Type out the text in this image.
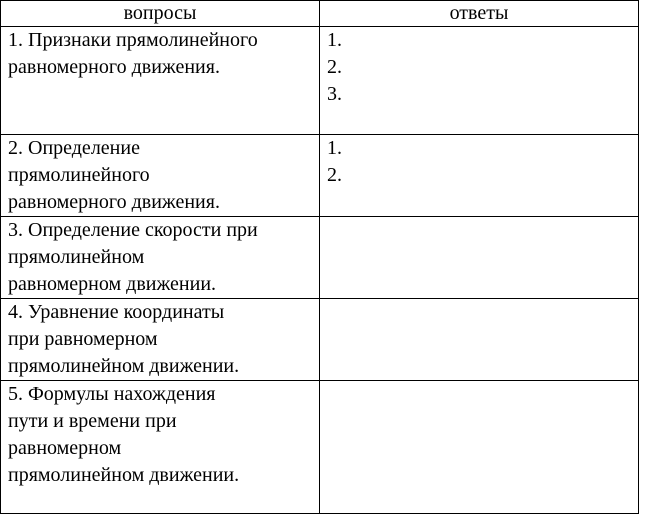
вопросы	ответы

1. Признаки прямолинейного
равномерного движения.	1.
2.
3.

2. Определение
прямолинейного
равномерного движения.	1.
2.

3. Определение скорости при
прямолинейном
равномерном движении.	

4. Уравнение координаты
при равномерном
прямолинейном движении.	

5. Формулы нахождения
пути и времени при
равномерном
прямолинейном движении.	
